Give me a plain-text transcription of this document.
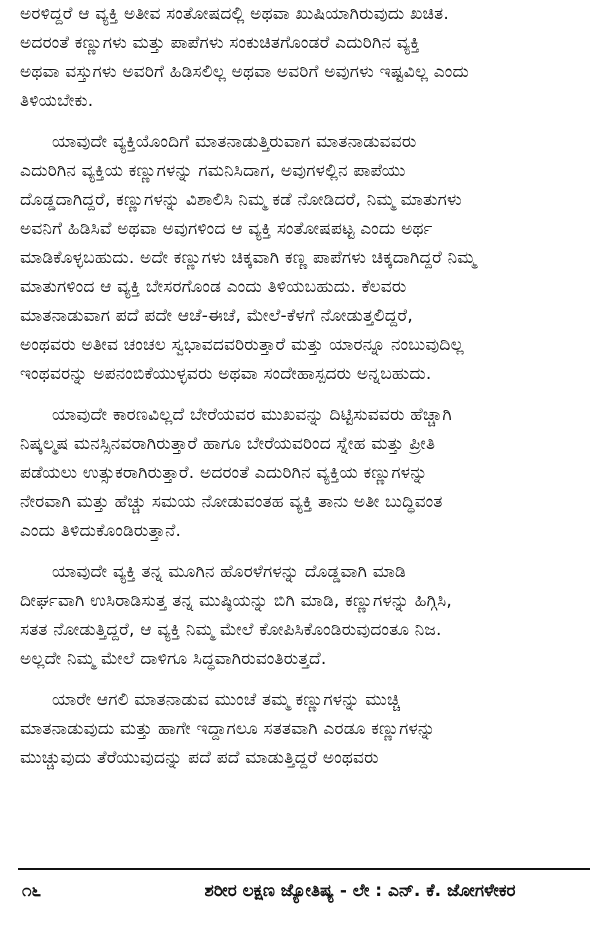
ಅರಳಿದ್ದರೆ ಆ ವ್ಯಕ್ತಿ ಅತೀವ ಸಂತೋಷದಲ್ಲಿ ಅಥವಾ ಖುಷಿಯಾಗಿರುವುದು ಖಚಿತ.
ಅದರಂತೆ ಕಣ್ಣುಗಳು ಮತ್ತು ಪಾಪೆಗಳು ಸಂಕುಚಿತಗೊಂಡರೆ ಎದುರಿಗಿನ ವ್ಯಕ್ತಿ
ಅಥವಾ ವಸ್ತುಗಳು ಅವರಿಗೆ ಹಿಡಿಸಲಿಲ್ಲ ಅಥವಾ ಅವರಿಗೆ ಅವುಗಳು ಇಷ್ಟವಿಲ್ಲ ಎಂದು
ತಿಳಿಯಬೇಕು.
ಯಾವುದೇ ವ್ಯಕ್ತಿಯೊಂದಿಗೆ ಮಾತನಾಡುತ್ತಿರುವಾಗ ಮಾತನಾಡುವವರು
ಎದುರಿಗಿನ ವ್ಯಕ್ತಿಯ ಕಣ್ಣುಗಳನ್ನು ಗಮನಿಸಿದಾಗ, ಅವುಗಳಲ್ಲಿನ ಪಾಪೆಯು
ದೊಡ್ಡದಾಗಿದ್ದರೆ, ಕಣ್ಣುಗಳನ್ನು ವಿಶಾಲಿಸಿ ನಿಮ್ಮ ಕಡೆ ನೋಡಿದರೆ, ನಿಮ್ಮ ಮಾತುಗಳು
ಅವನಿಗೆ ಹಿಡಿಸಿವೆ ಅಥವಾ ಅವುಗಳಿಂದ ಆ ವ್ಯಕ್ತಿ ಸಂತೋಷಪಟ್ಟ ಎಂದು ಅರ್ಥ
ಮಾಡಿಕೊಳ್ಳಬಹುದು. ಅದೇ ಕಣ್ಣುಗಳು ಚಿಕ್ಕವಾಗಿ ಕಣ್ಣ ಪಾಪೆಗಳು ಚಿಕ್ಕದಾಗಿದ್ದರೆ ನಿಮ್ಮ
ಮಾತುಗಳಿಂದ ಆ ವ್ಯಕ್ತಿ ಬೇಸರಗೊಂಡ ಎಂದು ತಿಳಿಯಬಹುದು. ಕೆಲವರು
ಮಾತನಾಡುವಾಗ ಪದೆ ಪದೇ ಆಚೆ-ಈಚೆ, ಮೇಲೆ-ಕೆಳಗೆ ನೋಡುತ್ತಲಿದ್ದರೆ,
ಅಂಥವರು ಅತೀವ ಚಂಚಲ ಸ್ವಭಾವದವರಿರುತ್ತಾರೆ ಮತ್ತು ಯಾರನ್ನೂ ನಂಬುವುದಿಲ್ಲ
ಇಂಥವರನ್ನು ಅಪನಂಬಿಕೆಯುಳ್ಳವರು ಅಥವಾ ಸಂದೇಹಾಸ್ಪದರು ಅನ್ನಬಹುದು.
ಯಾವುದೇ ಕಾರಣವಿಲ್ಲದೆ ಬೇರೆಯವರ ಮುಖವನ್ನು ದಿಟ್ಟಿಸುವವರು ಹೆಚ್ಚಾಗಿ
ನಿಷ್ಕಲ್ಮಷ ಮನಸ್ಸಿನವರಾಗಿರುತ್ತಾರೆ ಹಾಗೂ ಬೇರೆಯವರಿಂದ ಸ್ನೇಹ ಮತ್ತು ಪ್ರೀತಿ
ಪಡೆಯಲು ಉತ್ಸುಕರಾಗಿರುತ್ತಾರೆ. ಅದರಂತೆ ಎದುರಿಗಿನ ವ್ಯಕ್ತಿಯ ಕಣ್ಣುಗಳನ್ನು
ನೇರವಾಗಿ ಮತ್ತು ಹೆಚ್ಚು ಸಮಯ ನೋಡುವಂತಹ ವ್ಯಕ್ತಿ ತಾನು ಅತೀ ಬುದ್ಧಿವಂತ
ಎಂದು ತಿಳಿದುಕೊಂಡಿರುತ್ತಾನೆ.
ಯಾವುದೇ ವ್ಯಕ್ತಿ ತನ್ನ ಮೂಗಿನ ಹೊರಳೆಗಳನ್ನು ದೊಡ್ಡವಾಗಿ ಮಾಡಿ
ದೀರ್ಘವಾಗಿ ಉಸಿರಾಡಿಸುತ್ತ ತನ್ನ ಮುಷ್ಠಿಯನ್ನು ಬಿಗಿ ಮಾಡಿ, ಕಣ್ಣುಗಳನ್ನು ಹಿಗ್ಗಿಸಿ,
ಸತತ ನೋಡುತ್ತಿದ್ದರೆ, ಆ ವ್ಯಕ್ತಿ ನಿಮ್ಮ ಮೇಲೆ ಕೋಪಿಸಿಕೊಂಡಿರುವುದಂತೂ ನಿಜ.
ಅಲ್ಲದೇ ನಿಮ್ಮ ಮೇಲೆ ದಾಳಿಗೂ ಸಿದ್ಧವಾಗಿರುವಂತಿರುತ್ತದೆ.
ಯಾರೇ ಆಗಲಿ ಮಾತನಾಡುವ ಮುಂಚೆ ತಮ್ಮ ಕಣ್ಣುಗಳನ್ನು ಮುಚ್ಚಿ
ಮಾತನಾಡುವುದು ಮತ್ತು ಹಾಗೇ ಇದ್ದಾಗಲೂ ಸತತವಾಗಿ ಎರಡೂ ಕಣ್ಣುಗಳನ್ನು
ಮುಚ್ಚುವುದು ತೆರೆಯುವುದನ್ನು ಪದೆ ಪದೆ ಮಾಡುತ್ತಿದ್ದರೆ ಅಂಥವರು
೧೬	ಶರೀರ ಲಕ್ಷಣ ಜ್ಯೋತಿಷ್ಯ - ಲೇ : ಎನ್. ಕೆ. ಜೋಗಳೇಕರ
